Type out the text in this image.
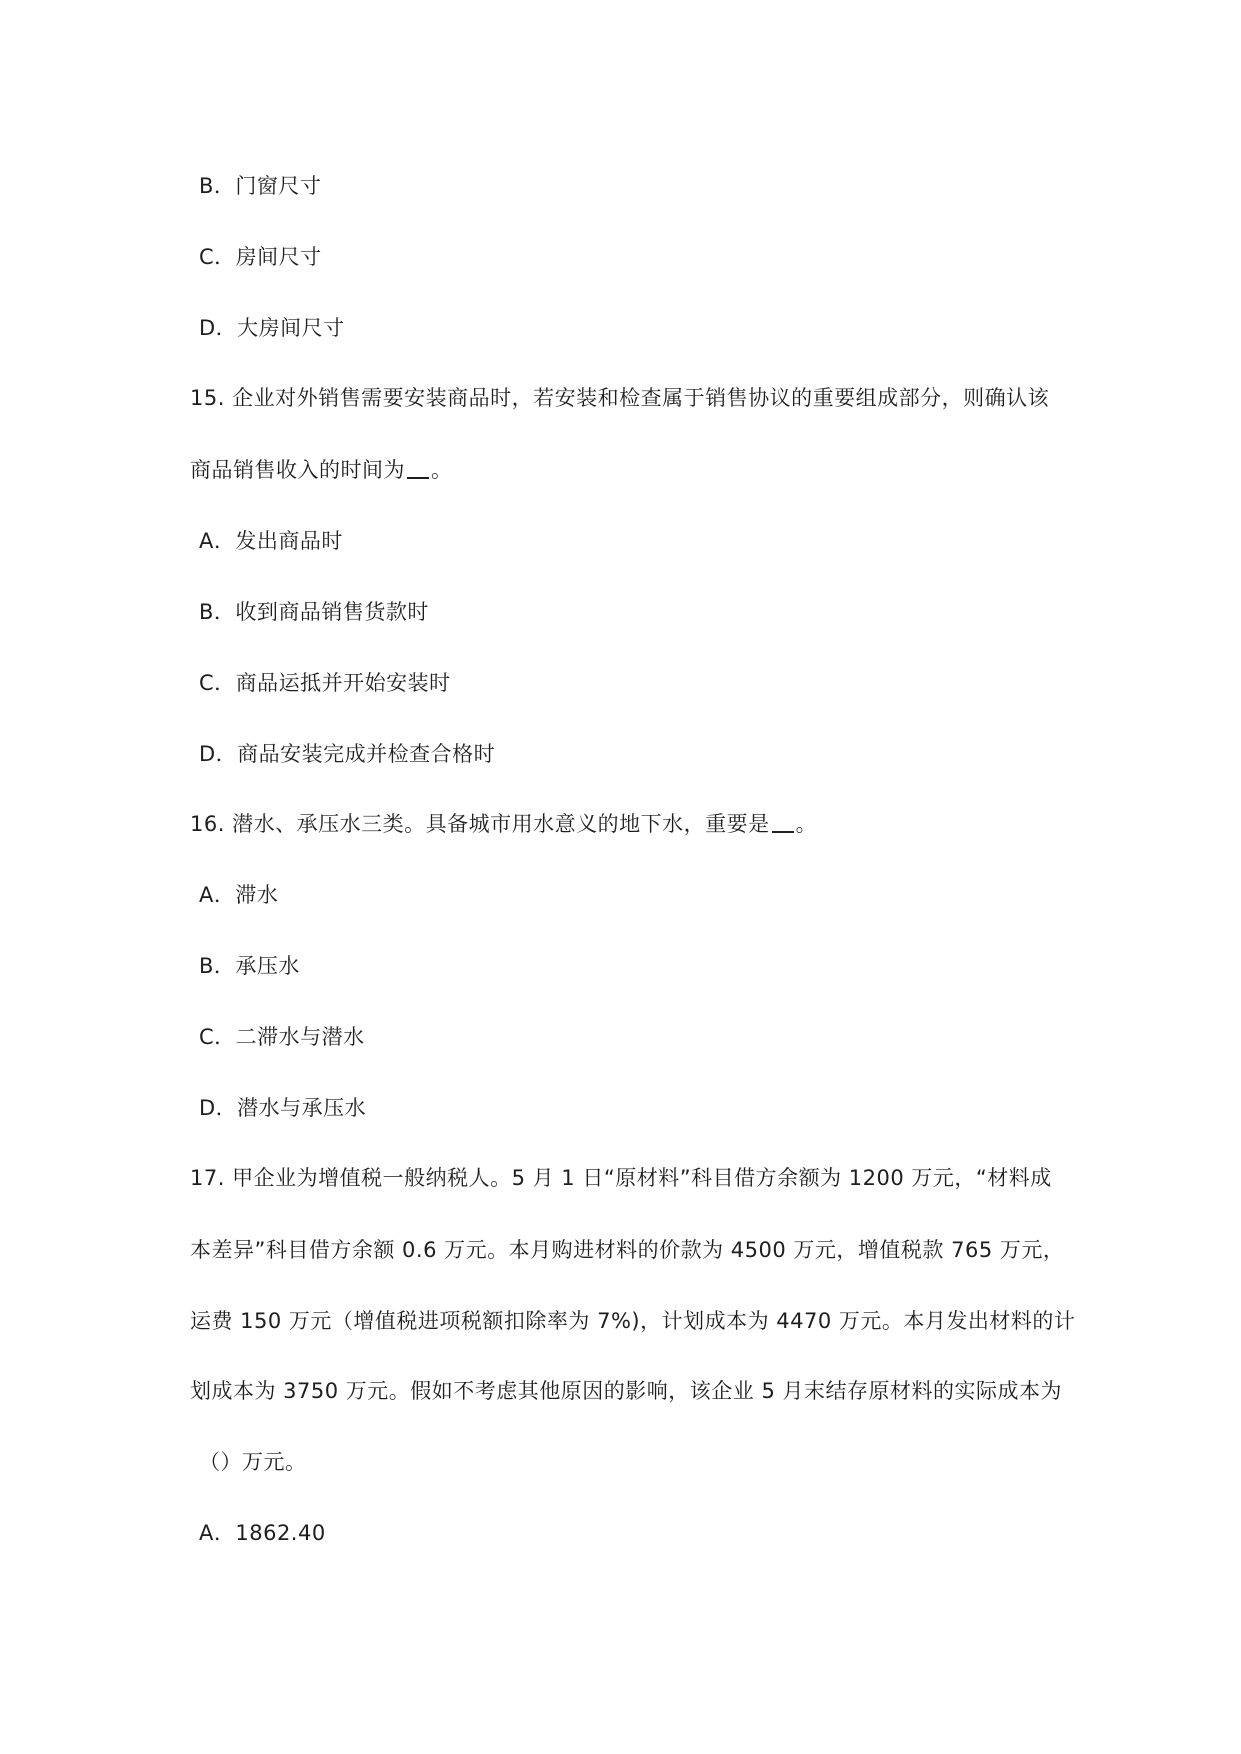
B．门窗尺寸
C．房间尺寸
D．大房间尺寸
15. 企业对外销售需要安装商品时，若安装和检查属于销售协议的重要组成部分，则确认该
商品销售收入的时间为 。
A．发出商品时
B．收到商品销售货款时
C．商品运抵并开始安装时
D．商品安装完成并检查合格时
16. 潜水、承压水三类。具备城市用水意义的地下水，重要是 。
A．滞水
B．承压水
C．二滞水与潜水
D．潜水与承压水
17. 甲企业为增值税一般纳税人。5 月 1 日“原材料”科目借方余额为 1200 万元，“材料成
本差异”科目借方余额 0.6 万元。本月购进材料的价款为 4500 万元，增值税款 765 万元，
运费 150 万元（增值税进项税额扣除率为 7%)，计划成本为 4470 万元。本月发出材料的计
划成本为 3750 万元。假如不考虑其他原因的影响，该企业 5 月末结存原材料的实际成本为
（）万元。
A．1862.40
